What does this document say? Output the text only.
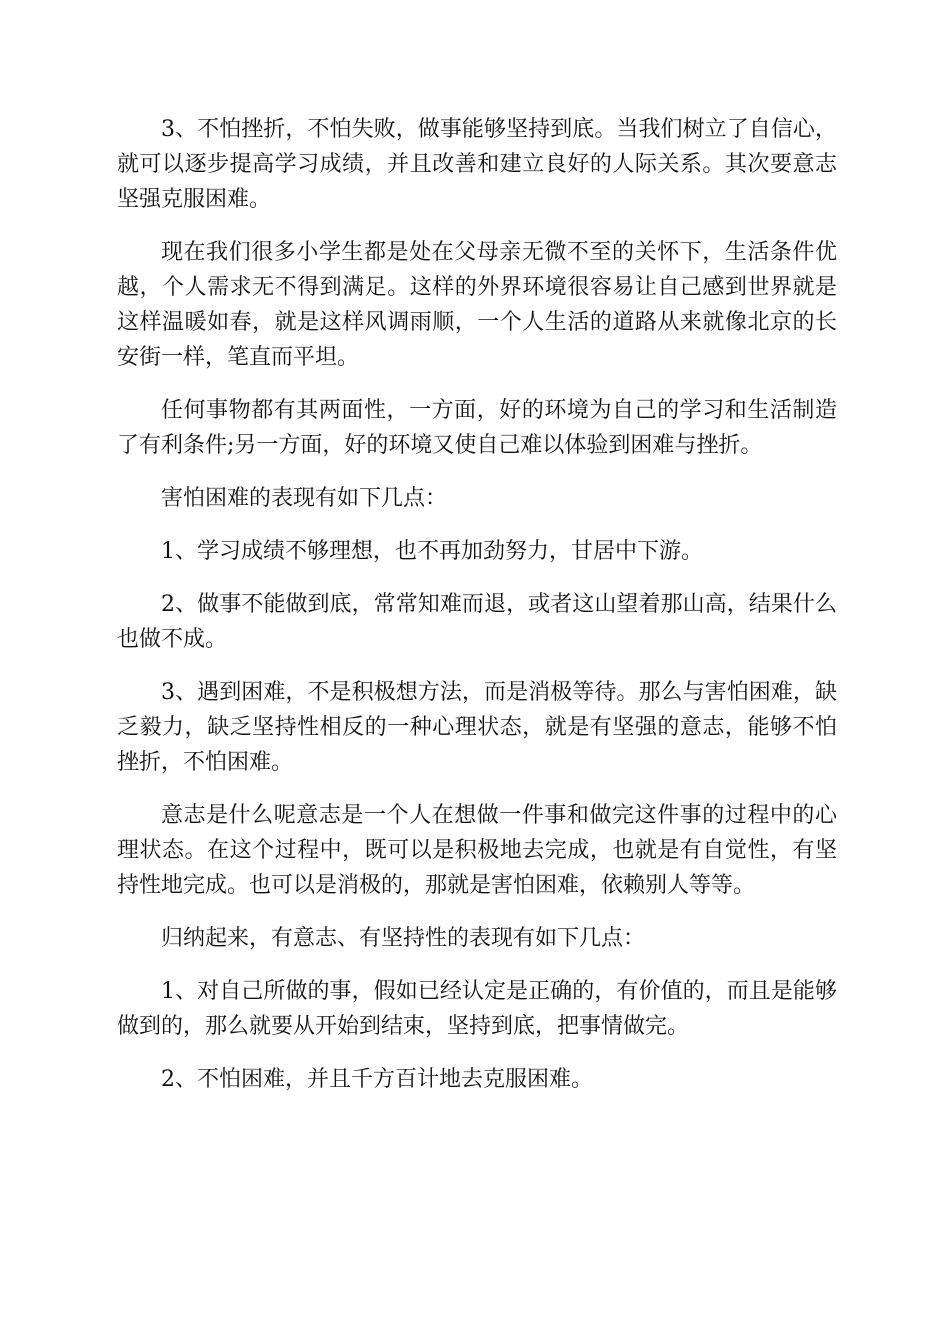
3、不怕挫折，不怕失败，做事能够坚持到底。当我们树立了自信心，就可以逐步提高学习成绩，并且改善和建立良好的人际关系。其次要意志坚强克服困难。

现在我们很多小学生都是处在父母亲无微不至的关怀下，生活条件优越，个人需求无不得到满足。这样的外界环境很容易让自己感到世界就是这样温暖如春，就是这样风调雨顺，一个人生活的道路从来就像北京的长安街一样，笔直而平坦。

任何事物都有其两面性，一方面，好的环境为自己的学习和生活制造了有利条件;另一方面，好的环境又使自己难以体验到困难与挫折。

害怕困难的表现有如下几点：

1、学习成绩不够理想，也不再加劲努力，甘居中下游。

2、做事不能做到底，常常知难而退，或者这山望着那山高，结果什么也做不成。

3、遇到困难，不是积极想方法，而是消极等待。那么与害怕困难，缺乏毅力，缺乏坚持性相反的一种心理状态，就是有坚强的意志，能够不怕挫折，不怕困难。

意志是什么呢意志是一个人在想做一件事和做完这件事的过程中的心理状态。在这个过程中，既可以是积极地去完成，也就是有自觉性，有坚持性地完成。也可以是消极的，那就是害怕困难，依赖别人等等。

归纳起来，有意志、有坚持性的表现有如下几点：

1、对自己所做的事，假如已经认定是正确的，有价值的，而且是能够做到的，那么就要从开始到结束，坚持到底，把事情做完。

2、不怕困难，并且千方百计地去克服困难。
